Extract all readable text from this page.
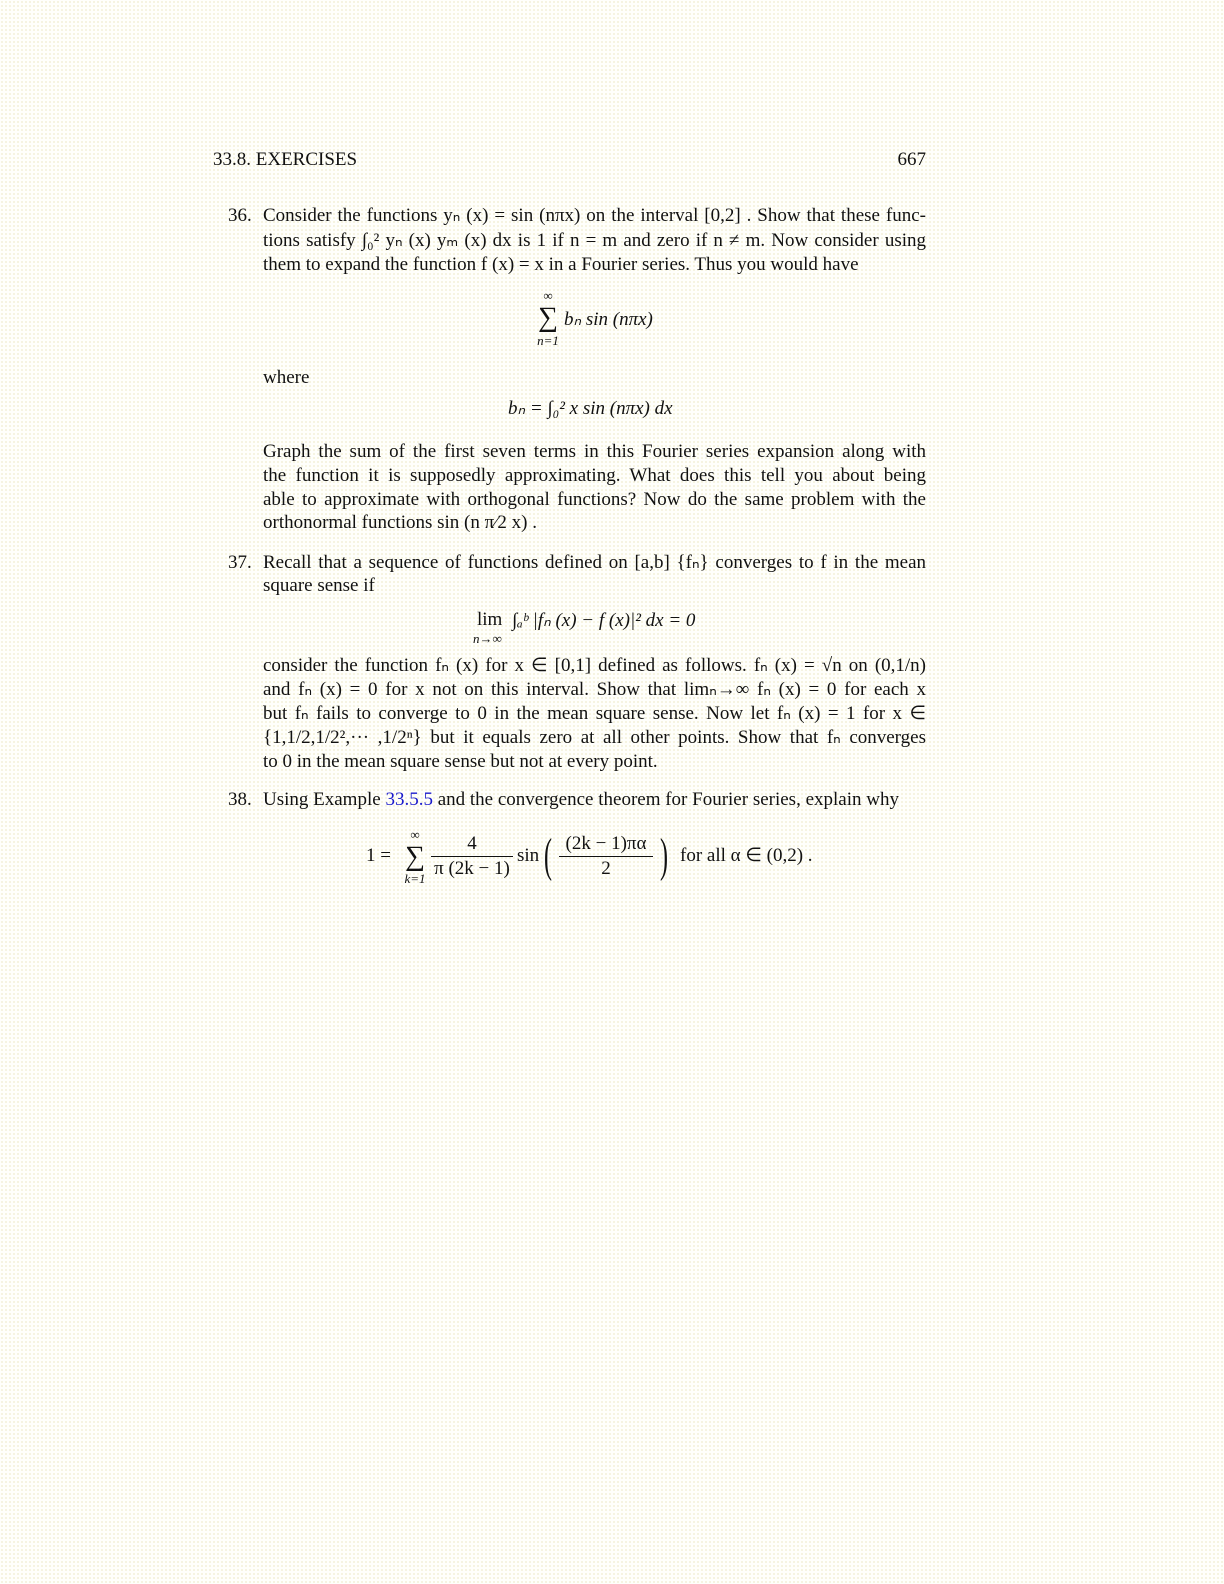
33.8. EXERCISES	667
36. Consider the functions yₙ (x) = sin (nπx) on the interval [0,2] . Show that these func-
tions satisfy ∫₀² yₙ (x) yₘ (x) dx is 1 if n = m and zero if n ≠ m. Now consider using
them to expand the function f (x) = x in a Fourier series. Thus you would have
∞
∑ bₙ sin (nπx)
n=1
where
bₙ = ∫₀² x sin (nπx) dx
Graph the sum of the first seven terms in this Fourier series expansion along with
the function it is supposedly approximating. What does this tell you about being
able to approximate with orthogonal functions? Now do the same problem with the
orthonormal functions sin (n π⁄2 x) .
37. Recall that a sequence of functions defined on [a,b] {fₙ} converges to f in the mean
square sense if
lim
n→∞
∫ₐᵇ |fₙ (x) − f (x)|² dx = 0
consider the function fₙ (x) for x ∈ [0,1] defined as follows. fₙ (x) = √n on (0,1/n)
and fₙ (x) = 0 for x not on this interval. Show that limₙ→∞ fₙ (x) = 0 for each x
but fₙ fails to converge to 0 in the mean square sense. Now let fₙ (x) = 1 for x ∈
{1,1/2,1/2²,··· ,1/2ⁿ} but it equals zero at all other points. Show that fₙ converges
to 0 in the mean square sense but not at every point.
38. Using Example 33.5.5 and the convergence theorem for Fourier series, explain why
1 =
∞
∑
k=1
4
π (2k − 1)
sin ( (2k − 1)πα
2	) for all α ∈ (0,2) .
